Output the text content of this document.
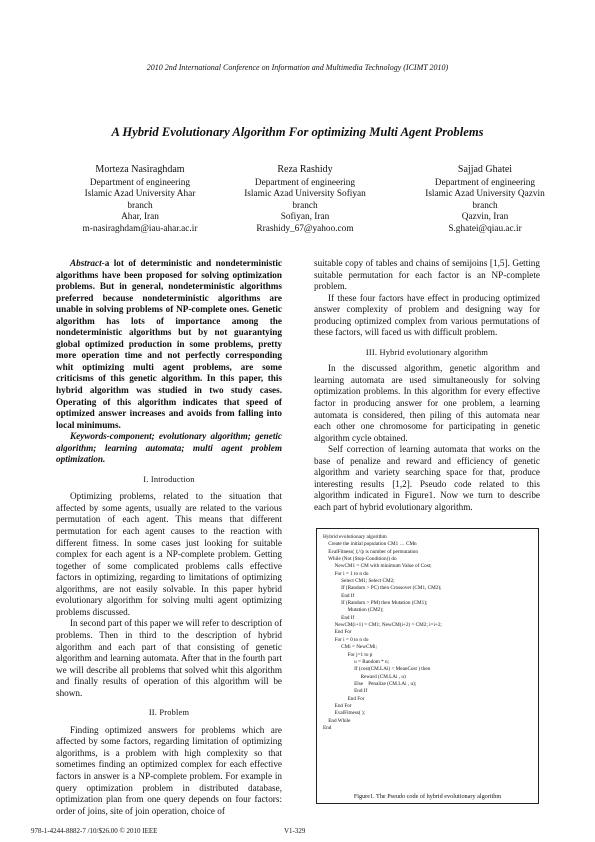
2010 2nd International Conference on Information and Multimedia Technology (ICIMT 2010)
A Hybrid Evolutionary Algorithm For optimizing Multi Agent Problems
Morteza Nasiraghdam
Department of engineering
Islamic Azad University Ahar
branch
Ahar, Iran
m-nasiraghdam@iau-ahar.ac.ir
Reza Rashidy
Department of engineering
Islamic Azad University Sofiyan
branch
Sofiyan, Iran
Rrashidy_67@yahoo.com
Sajjad Ghatei
Department of engineering
Islamic Azad University Qazvin
branch
Qazvin, Iran
S.ghatei@qiau.ac.ir

Abstract-a lot of deterministic and nondeterministic algorithms have been proposed for solving optimization problems. But in general, nondeterministic algorithms preferred because nondeterministic algorithms are unable in solving problems of NP-complete ones. Genetic algorithm has lots of importance among the nondeterministic algorithms but by not guarantying global optimized production in some problems, pretty more operation time and not perfectly corresponding whit optimizing multi agent problems, are some criticisms of this genetic algorithm. In this paper, this hybrid algorithm was studied in two study cases. Operating of this algorithm indicates that speed of optimized answer increases and avoids from falling into local minimums.

Keywords-component; evolutionary algorithm; genetic algorithm; learning automata; multi agent problem optimization.

I. Introduction

Optimizing problems, related to the situation that affected by some agents, usually are related to the various permutation of each agent. This means that different permutation for each agent causes to the reaction with different fitness. In some cases just looking for suitable complex for each agent is a NP-complete problem. Getting together of some complicated problems calls effective factors in optimizing, regarding to limitations of optimizing algorithms, are not easily solvable. In this paper hybrid evolutionary algorithm for solving multi agent optimizing problems discussed.

In second part of this paper we will refer to description of problems. Then in third to the description of hybrid algorithm and each part of that consisting of genetic algorithm and learning automata. After that in the fourth part we will describe all problems that solved whit this algorithm and finally results of operation of this algorithm will be shown.

II. Problem

Finding optimized answers for problems which are affected by some factors, regarding limitation of optimizing algorithms, is a problem with high complexity so that sometimes finding an optimized complex for each effective factors in answer is a NP-complete problem. For example in query optimization problem in distributed database, optimization plan from one query depends on four factors: order of joins, site of join operation, choice of

suitable copy of tables and chains of semijoins [1,5]. Getting suitable permutation for each factor is an NP-complete problem.

If these four factors have effect in producing optimized answer complexity of problem and designing way for producing optimized complex from various permutations of these factors, will faced us with difficult problem.

III. Hybrid evolutionary algorithm

In the discussed algorithm, genetic algorithm and learning automata are used simultaneously for solving optimization problems. In this algorithm for every effective factor in producing answer for one problem, a learning automata is considered, then piling of this automata near each other one chromosome for participating in genetic algorithm cycle obtained.

Self correction of learning automata that works on the base of penalize and reward and efficiency of genetic algorithm and variety searching space for that, produce interesting results [1,2]. Pseudo code related to this algorithm indicated in Figure1. Now we turn to describe each part of hybrid evolutionary algorithm.

Hybrid evolutionary algorithm
Create the initial population CM1 … CMn
EvalFitness( );//p is number of permutation
While (Not (Stop-Condition)) do
NewCM1 = CM with minimum Value of Cost;
For i = 1 to n do
Select CM1; Select CM2;
If (Random > PC) then Crossover (CM1, CM2);
End If
If (Random > PM) then Mutation (CM1);
Mutation (CM2);
End If
NewCM(i+1) = CM1; NewCM(i+2) = CM2; i=i+2;
End For
For i = 0 to n do
CMi = NewCMi;
For j=1 to p
u = Random * n;
If (cost(CM.LAi) < MeanCost ) then
Reward (CM.LAi , u)
Else    Penalize (CM.LAi , u);
End If
End For
End For
EvalFitness( );
End While
End
Figure1. The Pseudo code of hybrid evolutionary algorithm
978-1-4244-8882-7 /10/$26.00 © 2010 IEEE	V1-329
